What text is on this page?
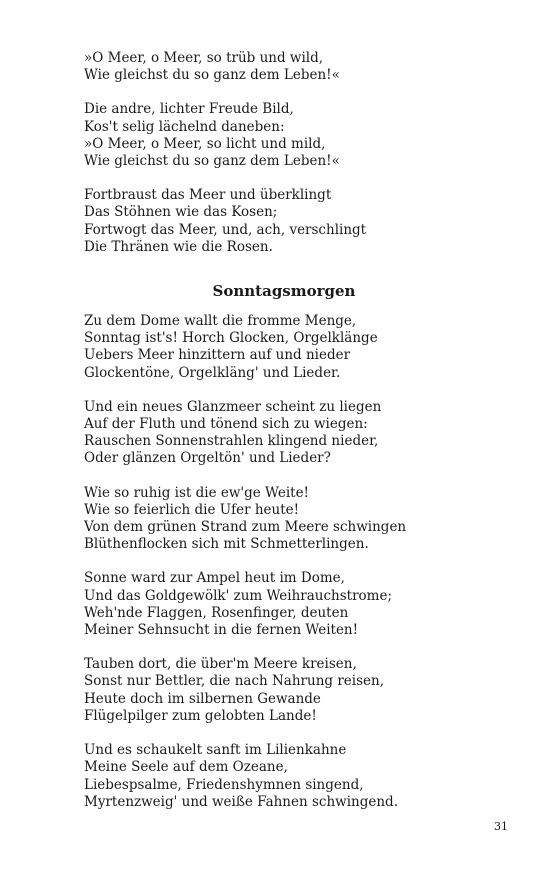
»O Meer, o Meer, so trüb und wild,
Wie gleichst du so ganz dem Leben!«
Die andre, lichter Freude Bild,
Kos't selig lächelnd daneben:
»O Meer, o Meer, so licht und mild,
Wie gleichst du so ganz dem Leben!«
Fortbraust das Meer und überklingt
Das Stöhnen wie das Kosen;
Fortwogt das Meer, und, ach, verschlingt
Die Thränen wie die Rosen.
Sonntagsmorgen
Zu dem Dome wallt die fromme Menge,
Sonntag ist's! Horch Glocken, Orgelklänge
Uebers Meer hinzittern auf und nieder
Glockentöne, Orgelkläng' und Lieder.
Und ein neues Glanzmeer scheint zu liegen
Auf der Fluth und tönend sich zu wiegen:
Rauschen Sonnenstrahlen klingend nieder,
Oder glänzen Orgeltön' und Lieder?
Wie so ruhig ist die ew'ge Weite!
Wie so feierlich die Ufer heute!
Von dem grünen Strand zum Meere schwingen
Blüthenflocken sich mit Schmetterlingen.
Sonne ward zur Ampel heut im Dome,
Und das Goldgewölk' zum Weihrauchstrome;
Weh'nde Flaggen, Rosenfinger, deuten
Meiner Sehnsucht in die fernen Weiten!
Tauben dort, die über'm Meere kreisen,
Sonst nur Bettler, die nach Nahrung reisen,
Heute doch im silbernen Gewande
Flügelpilger zum gelobten Lande!
Und es schaukelt sanft im Lilienkahne
Meine Seele auf dem Ozeane,
Liebespsalme, Friedenshymnen singend,
Myrtenzweig' und weiße Fahnen schwingend.
31
